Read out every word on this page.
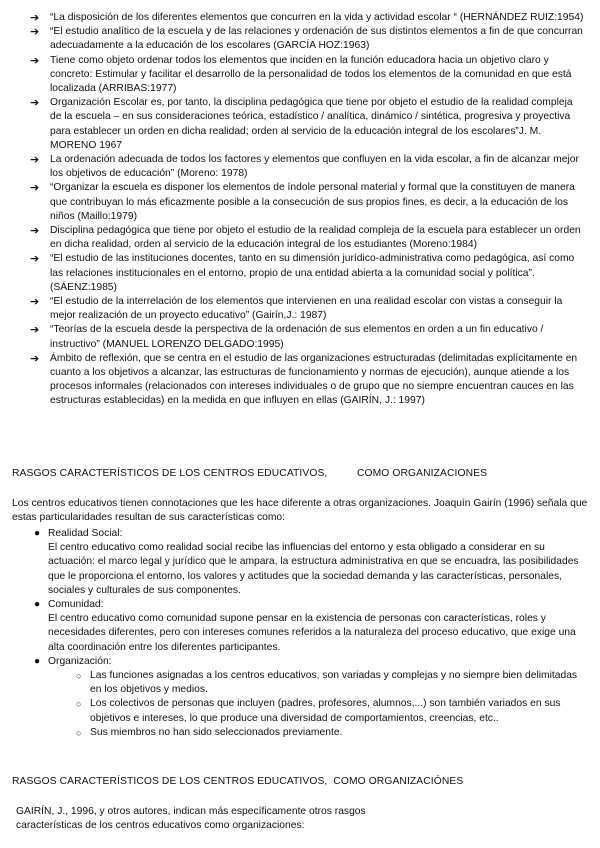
➔ “La disposición de los diferentes elementos que concurren en la vida y actividad escolar “ (HERNÁNDEZ RUIZ:1954)
➔ “El estudio analítico de la escuela y de las relaciones y ordenación de sus distintos elementos a fin de que concurran adecuadamente a la educación de los escolares (GARCÍA HOZ:1963)
➔ Tiene como objeto ordenar todos los elementos que inciden en la función educadora hacia un objetivo claro y concreto: Estimular y facilitar el desarrollo de la personalidad de todos los elementos de la comunidad en que está localizada (ARRIBAS:1977)
➔ Organización Escolar es, por tanto, la disciplina pedagógica que tiene por objeto el estudio de la realidad compleja de la escuela – en sus consideraciones teórica, estadístico / analítica, dinámico / sintética, progresiva y proyectiva para establecer un orden en dicha realidad; orden al servicio de la educación integral de los escolares”J. M. MORENO 1967
➔ La ordenación adecuada de todos los factores y elementos que confluyen en la vida escolar, a fin de alcanzar mejor los objetivos de educación” (Moreno: 1978)
➔ “Organizar la escuela es disponer los elementos de índole personal material y formal que la constituyen de manera que contribuyan lo más eficazmente posible a la consecución de sus propios fines, es decir, a la educación de los niños (Maillo:1979)
➔ Disciplina pedagógica que tiene por objeto el estudio de la realidad compleja de la escuela para establecer un orden en dicha realidad, orden al servicio de la educación integral de los estudiantes (Moreno:1984)
➔ “El estudio de las instituciones docentes, tanto en su dimensión jurídico-administrativa como pedagógica, así como las relaciones institucionales en el entorno, propio de una entidad abierta a la comunidad social y política”. (SÁENZ:1985)
➔ “El estudio de la interrelación de los elementos que intervienen en una realidad escolar con vistas a conseguir la mejor realización de un proyecto educativo” (Gairín,J.: 1987)
➔ “Teorías de la escuela desde la perspectiva de la ordenación de sus elementos en orden a un fin educativo / instructivo” (MANUEL LORENZO DELGADO:1995)
➔ Ámbito de reflexión, que se centra en el estudio de las organizaciones estructuradas (delimitadas explícitamente en cuanto a los objetivos a alcanzar, las estructuras de funcionamiento y normas de ejecución), aunque atiende a los procesos informales (relacionados con intereses individuales o de grupo que no siempre encuentran cauces en las estructuras establecidas) en la medida en que influyen en ellas (GAIRÍN, J.: 1997)
RASGOS CARACTERÍSTICOS DE LOS CENTROS EDUCATIVOS,          COMO ORGANIZACIONES
Los centros educativos tienen connotaciones que les hace diferente a otras organizaciones. Joaquín Gairín (1996) señala que estas particularidades resultan de sus características como:
● Realidad Social:
El centro educativo como realidad social recibe las influencias del entorno y esta obligado a considerar en su actuación: el marco legal y jurídico que le ampara, la estructura administrativa en que se encuadra, las posibilidades que le proporciona el entorno, los valores y actitudes que la sociedad demanda y las características, personales, sociales y culturales de sus componentes.
● Comunidad:
El centro educativo como comunidad supone pensar en la existencia de personas con características, roles y necesidades diferentes, pero con intereses comunes referidos a la naturaleza del proceso educativo, que exige una alta coordinación entre los diferentes participantes.
● Organización:
○ Las funciones asignadas a los centros educativos, son variadas y complejas y no siempre bien delimitadas en los objetivos y medios.
○ Los colectivos de personas que incluyen (padres, profesores, alumnos,...) son también variados en sus objetivos e intereses, lo que produce una diversidad de comportamientos, creencias, etc..
○ Sus miembros no han sido seleccionados previamente.
RASGOS CARACTERÍSTICOS DE LOS CENTROS EDUCATIVOS,  COMO ORGANIZACIÓNES
GAIRÍN, J., 1996, y otros autores, indican más específicamente otros rasgos
características de los centros educativos como organizaciones:
